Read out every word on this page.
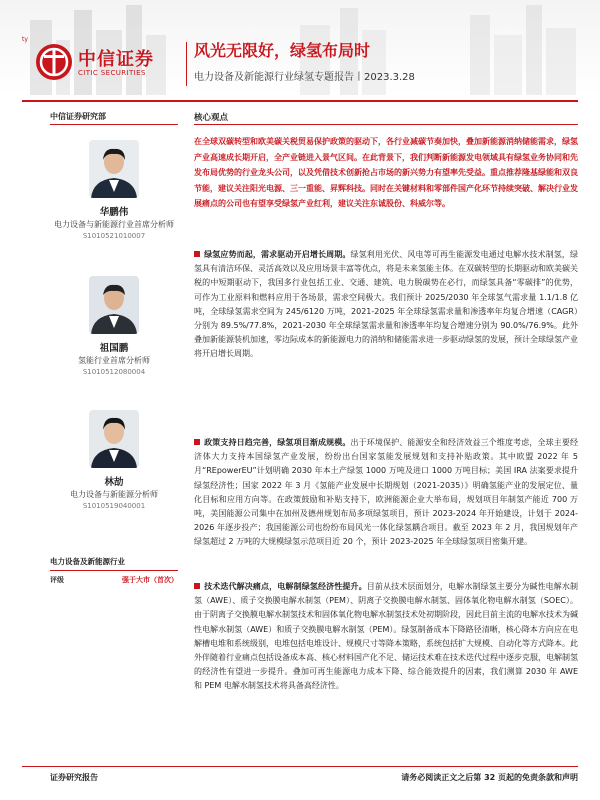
ty
中信证券
CITIC SECURITIES
风光无限好，绿氢布局时
电力设备及新能源行业绿氢专题报告丨2023.3.28
中信证券研究部
华鹏伟
电力设备与新能源行业首席分析师
S1010521010007
祖国鹏
氢能行业首席分析师
S1010512080004
林劼
电力设备与新能源分析师
S1010519040001
电力设备及新能源行业
评级	强于大市（首次）
核心观点
在全球双碳转型和欧美碳关税贸易保护政策的驱动下，各行业减碳节奏加快，叠加新能源消纳储能需求，绿氢产业高速成长期开启，全产业链进入景气区间。在此背景下，我们判断新能源发电领域具有绿氢业务协同和先发布局优势的行业龙头公司，以及凭借技术创新抢占市场的新兴势力有望率先受益。重点推荐隆基绿能和双良节能，建议关注阳光电源、三一重能、昇辉科技。同时在关键材料和零部件国产化环节持续突破、解决行业发展痛点的公司也有望享受绿氢产业红利，建议关注东诚股份、科威尔等。
绿氢应势而起，需求驱动开启增长周期。绿氢利用光伏、风电等可再生能源发电通过电解水技术制氢，绿氢具有清洁环保、灵活高效以及应用场景丰富等优点，将是未来氢能主体。在双碳转型的长期驱动和欧美碳关税的中短期驱动下，我国多行业包括工业、交通、建筑、电力脱碳势在必行，而绿氢具备“零碳排”的优势，可作为工业原料和燃料应用于各场景，需求空间极大。我们预计 2025/2030 年全球氢气需求量 1.1/1.8 亿吨，全球绿氢需求空间为 245/6120 万吨，2021-2025 年全球绿氢需求量和渗透率年均复合增速（CAGR）分别为 89.5%/77.8%，2021-2030 年全球绿氢需求量和渗透率年均复合增速分别为 90.0%/76.9%。此外叠加新能源装机加速，零边际成本的新能源电力的消纳和储能需求进一步驱动绿氢的发展，预计全球绿氢产业将开启增长周期。
政策支持日趋完善，绿氢项目渐成规模。出于环境保护、能源安全和经济效益三个维度考虑，全球主要经济体大力支持本国绿氢产业发展，纷纷出台国家氢能发展规划和支持补贴政策。其中欧盟 2022 年 5 月“REpowerEU”计划明确 2030 年本土产绿氢 1000 万吨及进口 1000 万吨目标；美国 IRA 法案要求提升绿氢经济性；国家 2022 年 3 月《氢能产业发展中长期规划（2021-2035）》明确氢能产业的发展定位、量化目标和应用方向等。在政策鼓励和补贴支持下，欧洲能源企业大举布局，规划项目年制氢产能近 700 万吨，美国能源公司集中在加州及德州规划布局多项绿氢项目，预计 2023-2024 年开始建设，计划于 2024-2026 年逐步投产；我国能源公司也纷纷布局风光一体化绿氢耦合项目。截至 2023 年 2 月，我国规划年产绿氢超过 2 万吨的大规模绿氢示范项目近 20 个，预计 2023-2025 年全球绿氢项目密集开建。
技术迭代解决痛点，电解制绿氢经济性提升。目前从技术层面划分，电解水制绿氢主要分为碱性电解水制氢（AWE）、质子交换膜电解水制氢（PEM）、阴离子交换膜电解水制氢、固体氧化物电解水制氢（SOEC）。由于阴离子交换膜电解水制氢技术和固体氧化物电解水制氢技术处初期阶段，因此目前主流的电解水技术为碱性电解水制氢（AWE）和质子交换膜电解水制氢（PEM）。绿氢制备成本下降路径清晰，核心降本方向应在电解槽电堆和系统级别，电堆包括电堆设计、规模尺寸等降本策略，系统包括扩大规模、自动化等方式降本。此外伴随着行业痛点包括设备成本高、核心材料国产化不足、储运技术难在技术迭代过程中逐步克服，电解制氢的经济性有望进一步提升。叠加可再生能源电力成本下降、综合能效提升的因素，我们测算 2030 年 AWE 和 PEM 电解水制氢技术将具备高经济性。
证券研究报告	请务必阅读正文之后第 32 页起的免责条款和声明
